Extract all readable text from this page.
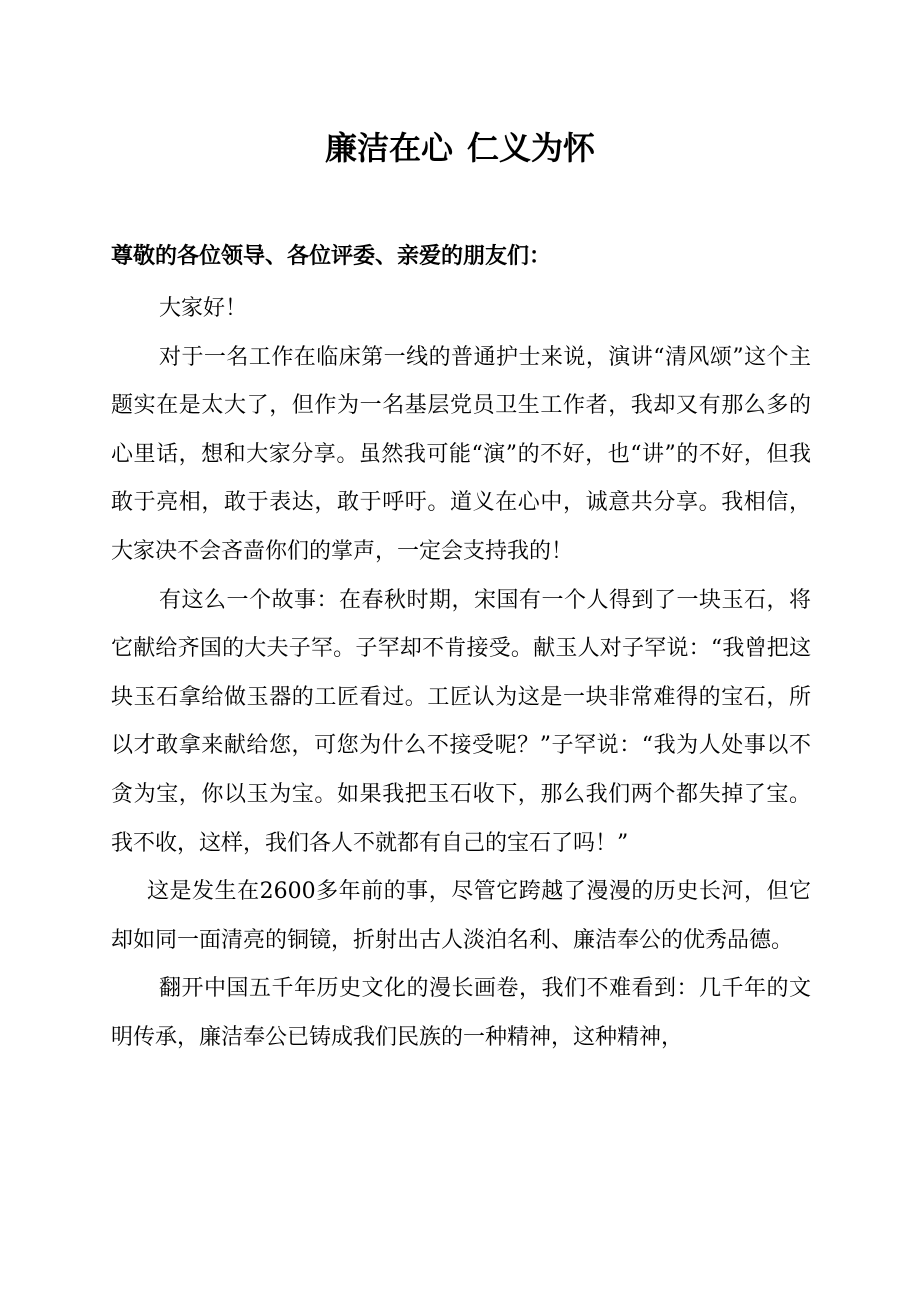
廉洁在心 仁义为怀

尊敬的各位领导、各位评委、亲爱的朋友们：

大家好！

对于一名工作在临床第一线的普通护士来说，演讲“清风颂”这个主题实在是太大了，但作为一名基层党员卫生工作者，我却又有那么多的心里话，想和大家分享。虽然我可能“演”的不好，也“讲”的不好，但我敢于亮相，敢于表达，敢于呼吁。道义在心中，诚意共分享。我相信，大家决不会吝啬你们的掌声，一定会支持我的！

有这么一个故事：在春秋时期，宋国有一个人得到了一块玉石，将它献给齐国的大夫子罕。子罕却不肯接受。献玉人对子罕说：“我曾把这块玉石拿给做玉器的工匠看过。工匠认为这是一块非常难得的宝石，所以才敢拿来献给您，可您为什么不接受呢？”子罕说：“我为人处事以不贪为宝，你以玉为宝。如果我把玉石收下，那么我们两个都失掉了宝。我不收，这样，我们各人不就都有自己的宝石了吗！”

这是发生在2600多年前的事，尽管它跨越了漫漫的历史长河，但它却如同一面清亮的铜镜，折射出古人淡泊名利、廉洁奉公的优秀品德。

翻开中国五千年历史文化的漫长画卷，我们不难看到：几千年的文明传承，廉洁奉公已铸成我们民族的一种精神，这种精神，
